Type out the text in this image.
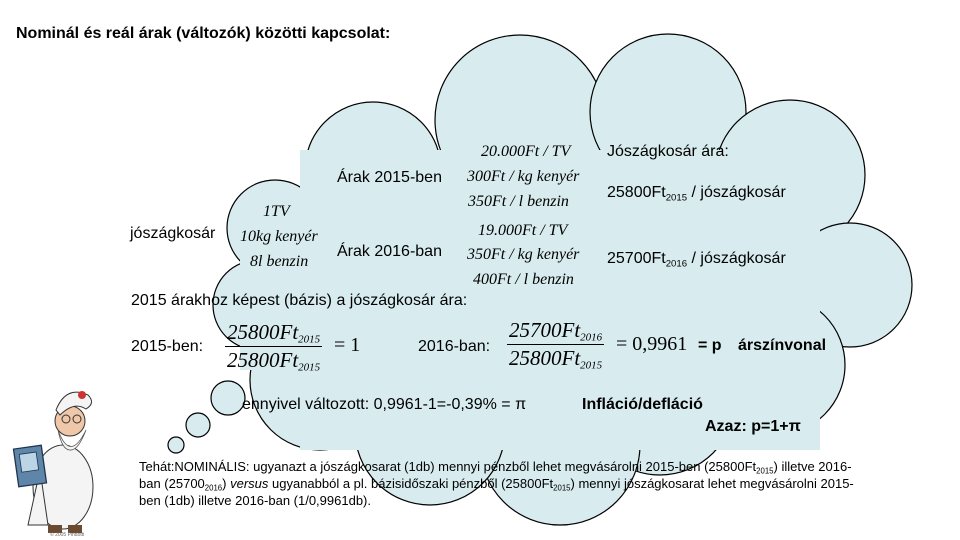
© 2005 Pindotti
Nominál és reál árak (változók) közötti kapcsolat:
jószágkosár
1TV
10kg kenyér
8l benzin
Árak 2015-ben
20.000Ft / TV
300Ft / kg kenyér
350Ft / l benzin
Árak 2016-ban
19.000Ft / TV
350Ft / kg kenyér
400Ft / l benzin
Jószágkosár ára:
$25800Ft_{2015}$ / jószágkosár
$25700Ft_{2016}$ / jószágkosár
2015 árakhoz képest (bázis) a jószágkosár ára:
2015-ben:
25800Ft2015
25800Ft2015
= 1	2016-ban:
25700Ft2016
25800Ft2015
= 0,9961 = p árszínvonal
ennyivel változott: 0,9961-1=-0,39% = π	Infláció/defláció
Azaz: p=1+π
Tehát:NOMINÁLIS: ugyanazt a jószágkosarat (1db) mennyi pénzből lehet megvásárolni 2015-ben $(25800Ft_{2015})$ illetve 2016-
ban $(25700_{2016})$ versus ugyanabból a pl. bázisidőszaki pénzből $(25800Ft_{2015})$ mennyi jószágkosarat lehet megvásárolni 2015-
ben (1db) illetve 2016-ban (1/0,9961db).
